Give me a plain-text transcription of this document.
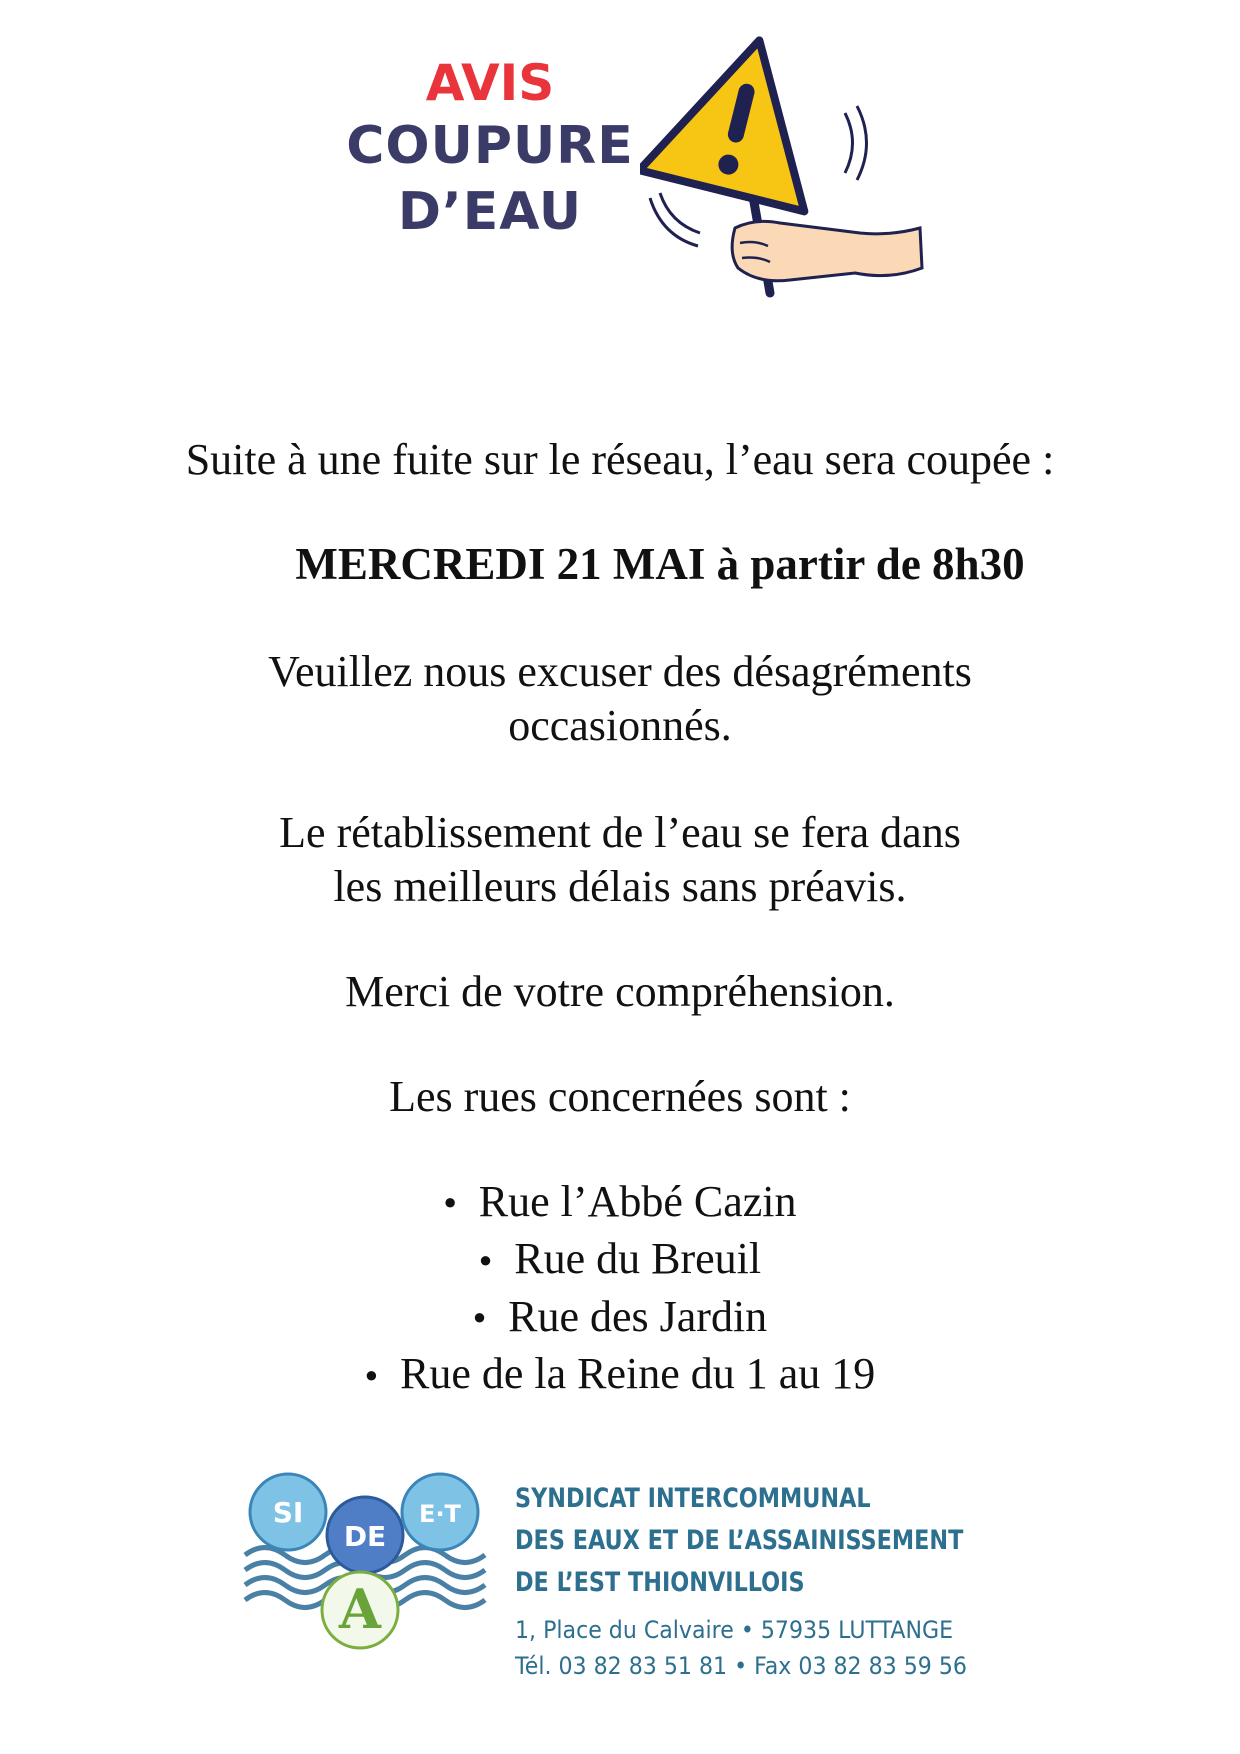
AVIS
COUPURE
D’EAU
Suite à une fuite sur le réseau, l’eau sera coupée :
MERCREDI 21 MAI à partir de 8h30
Veuillez nous excuser des désagréments
occasionnés.
Le rétablissement de l’eau se fera dans
les meilleurs délais sans préavis.
Merci de votre compréhension.
Les rues concernées sont :
● Rue l’Abbé Cazin
● Rue du Breuil
● Rue des Jardin
● Rue de la Reine du 1 au 19
SI
DE
E·T
A
SYNDICAT INTERCOMMUNAL
DES EAUX ET DE L’ASSAINISSEMENT
DE L’EST THIONVILLOIS
1, Place du Calvaire • 57935 LUTTANGE
Tél. 03 82 83 51 81 • Fax 03 82 83 59 56
